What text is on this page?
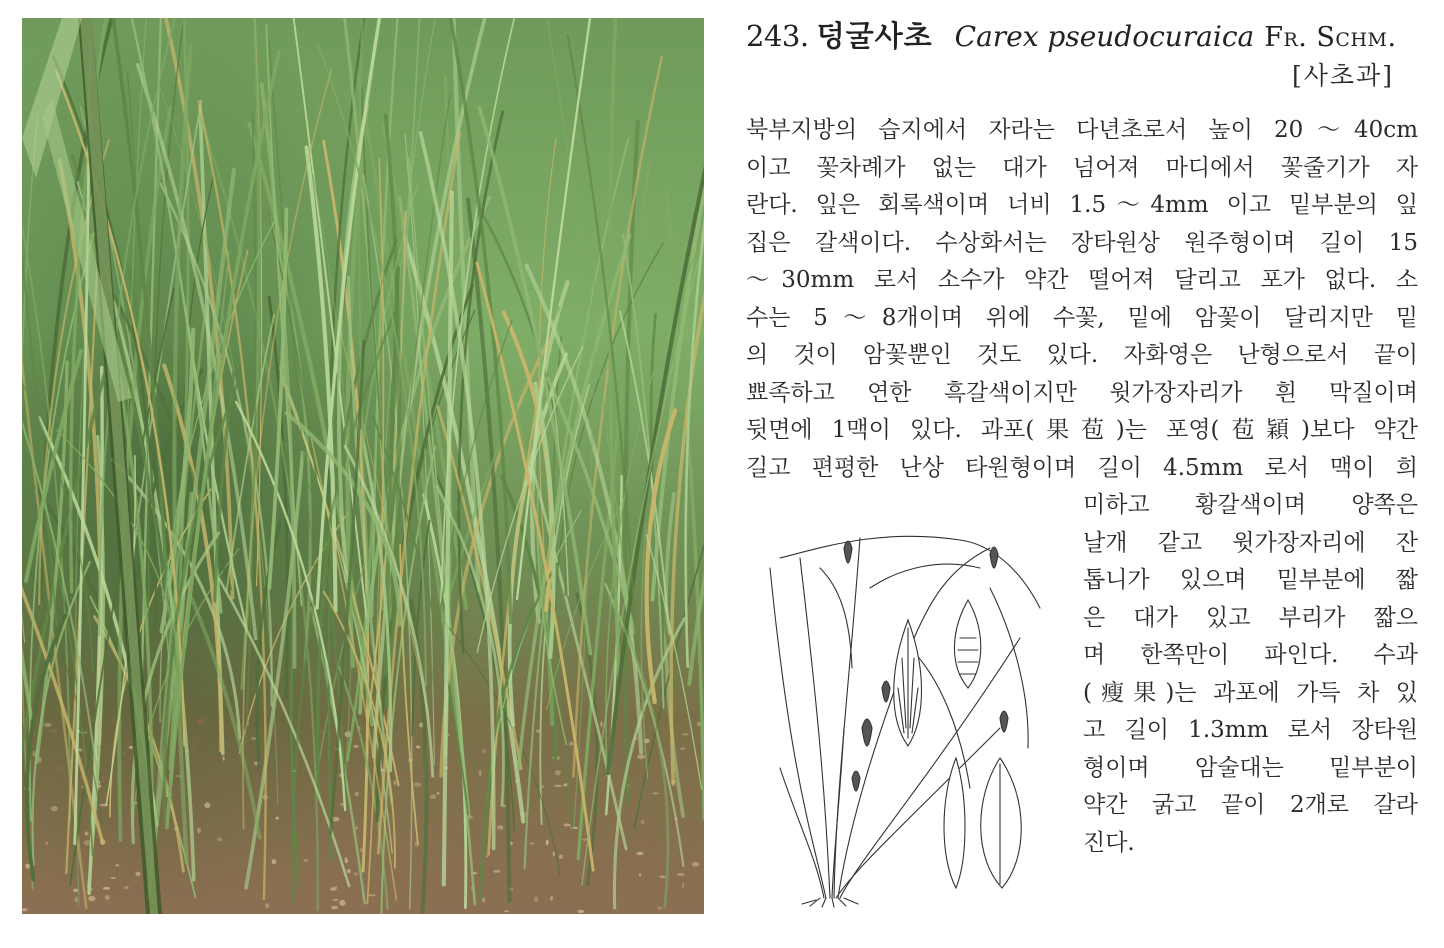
243. 덩굴사초 Carex pseudocuraica Fr. Schm.
[사초과]
북부지방의 습지에서 자라는 다년초로서 높이 20～40cm
이고 꽃차례가 없는 대가 넘어져 마디에서 꽃줄기가 자
란다. 잎은 회록색이며 너비 1.5～4mm 이고 밑부분의 잎
집은 갈색이다. 수상화서는 장타원상 원주형이며 길이 15
～30mm 로서 소수가 약간 떨어져 달리고 포가 없다. 소
수는 5～8개이며 위에 수꽃, 밑에 암꽃이 달리지만 밑
의 것이 암꽃뿐인 것도 있다. 자화영은 난형으로서 끝이
뾰족하고 연한 흑갈색이지만 윗가장자리가 흰 막질이며
뒷면에 1맥이 있다. 과포(果苞)는 포영(苞穎)보다 약간
길고 편평한 난상 타원형이며 길이 4.5mm 로서 맥이 희
미하고 황갈색이며 양쪽은
날개 같고 윗가장자리에 잔
톱니가 있으며 밑부분에 짧
은 대가 있고 부리가 짧으
며 한쪽만이 파인다. 수과
(瘦果)는 과포에 가득 차 있
고 길이 1.3mm 로서 장타원
형이며 암술대는 밑부분이
약간 굵고 끝이 2개로 갈라
진다.
